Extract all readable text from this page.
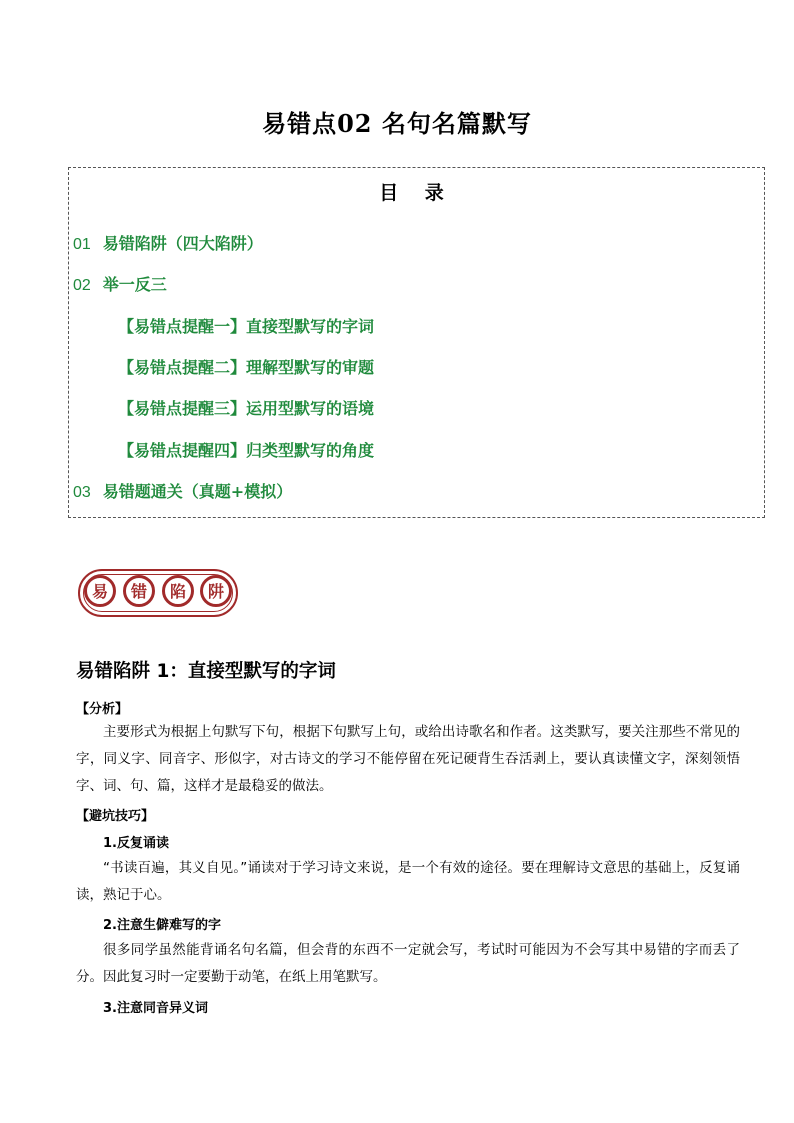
易错点02 名句名篇默写
目 录
01 易错陷阱（四大陷阱）
02 举一反三
【易错点提醒一】直接型默写的字词
【易错点提醒二】理解型默写的审题
【易错点提醒三】运用型默写的语境
【易错点提醒四】归类型默写的角度
03 易错题通关（真题+模拟）
易	错	陷	阱
易错陷阱 1：直接型默写的字词
【分析】

主要形式为根据上句默写下句，根据下句默写上句，或给出诗歌名和作者。这类默写，要关注那些不常见的字，同义字、同音字、形似字，对古诗文的学习不能停留在死记硬背生吞活剥上，要认真读懂文字，深刻领悟字、词、句、篇，这样才是最稳妥的做法。

【避坑技巧】
1.反复诵读

“书读百遍，其义自见。”诵读对于学习诗文来说，是一个有效的途径。要在理解诗文意思的基础上，反复诵读，熟记于心。

2.注意生僻难写的字

很多同学虽然能背诵名句名篇，但会背的东西不一定就会写，考试时可能因为不会写其中易错的字而丢了分。因此复习时一定要勤于动笔，在纸上用笔默写。

3.注意同音异义词
